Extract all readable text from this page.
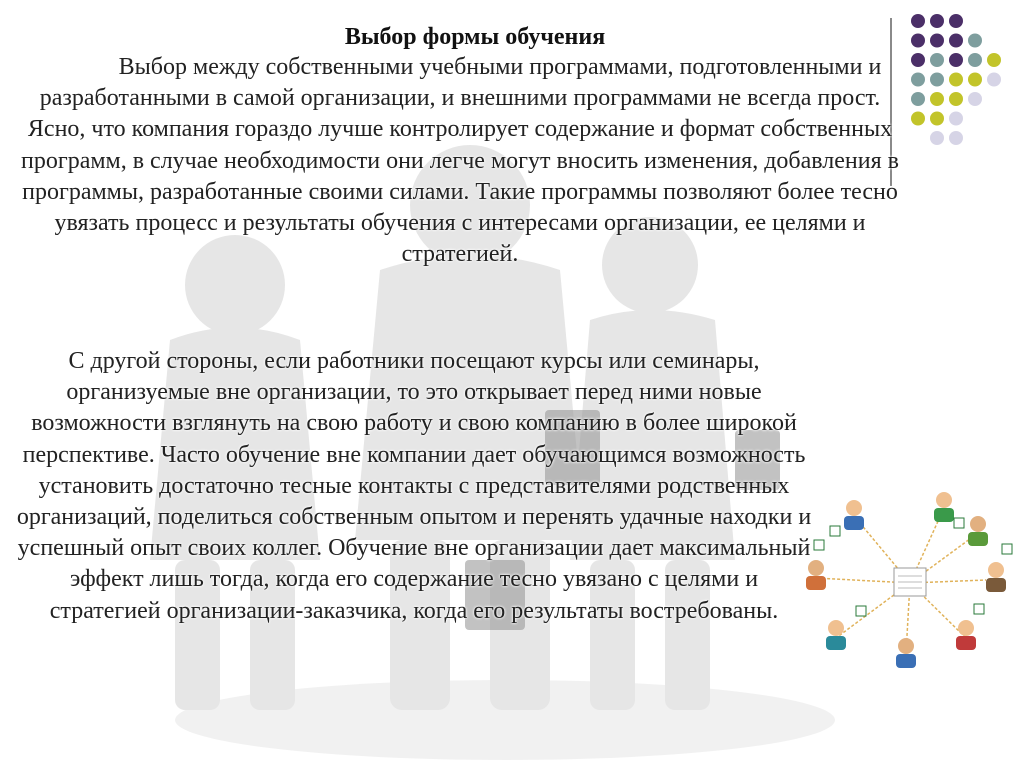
Выбор формы обучения
Выбор между собственными учебными программами, подготовленными и разработанными в самой организации, и внешними программами не всегда прост. Ясно, что компания гораздо лучше контролирует содержание и формат собственных программ, в случае необходимости они легче могут вносить изменения, добавления в программы, разработанные своими силами. Такие программы позволяют более тесно увязать процесс и результаты обучения с интересами организации, ее целями и стратегией.
С другой стороны, если работники посещают курсы или семинары, организуемые вне организации, то это открывает перед ними новые возможности взглянуть на свою работу и свою компанию в более широкой перспективе. Часто обучение вне компании дает обучающимся возможность установить достаточно тесные контакты с представителями родственных организаций, поделиться собственным опытом и перенять удачные находки и успешный опыт своих коллег. Обучение вне организации дает максимальный эффект лишь тогда, когда его содержание тесно увязано с целями и стратегией организации-заказчика, когда его результаты востребованы.
